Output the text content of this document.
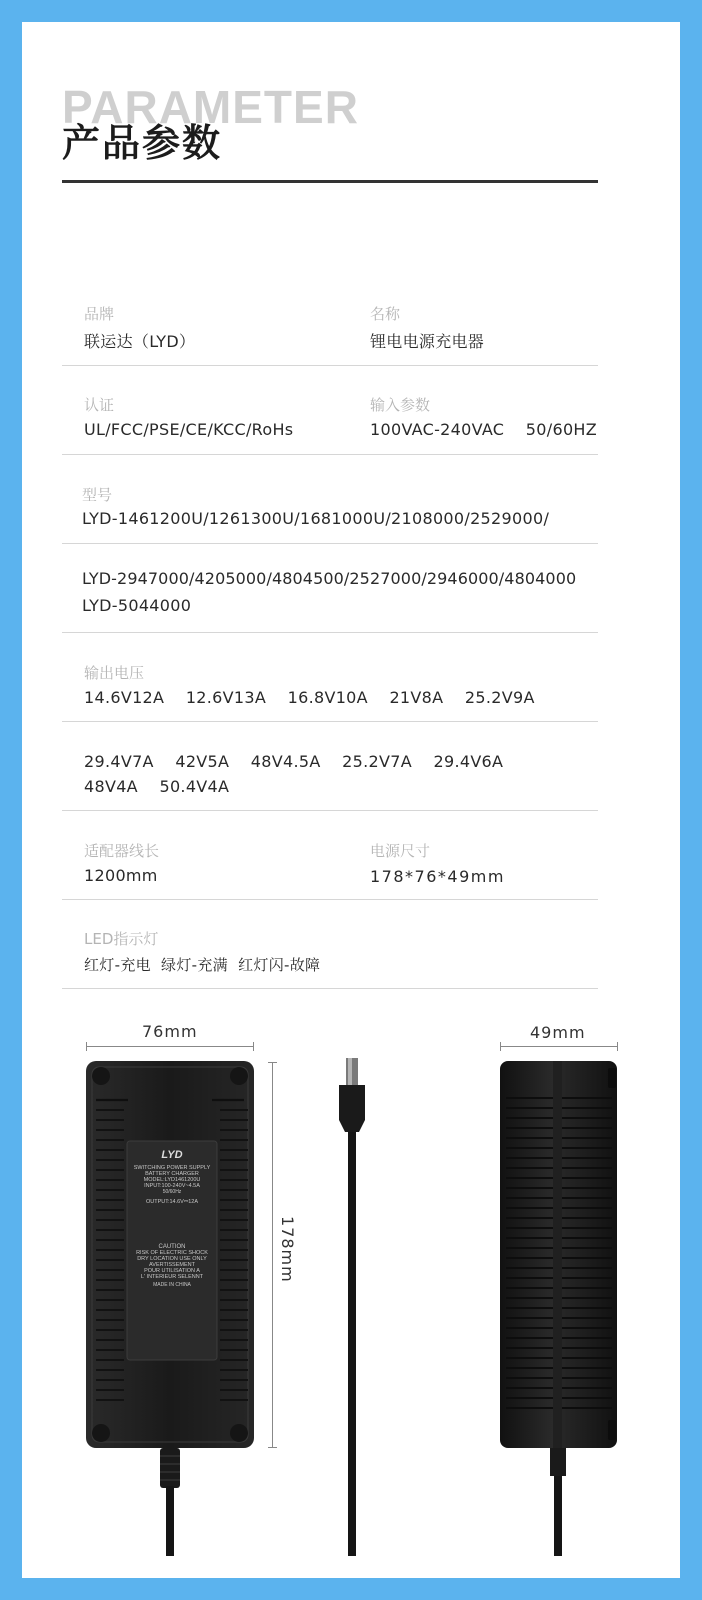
PARAMETER
产品参数
品牌
联运达（LYD）
名称
锂电电源充电器
认证
UL/FCC/PSE/CE/KCC/RoHs
输入参数
100VAC-240VAC    50/60HZ
型号
LYD-1461200U/1261300U/1681000U/2108000/2529000/
LYD-2947000/4205000/4804500/2527000/2946000/4804000
LYD-5044000
输出电压
14.6V12A    12.6V13A    16.8V10A    21V8A    25.2V9A
29.4V7A    42V5A    48V4.5A    25.2V7A    29.4V6A
48V4A    50.4V4A
适配器线长
1200mm
电源尺寸
178*76*49mm
LED指示灯
红灯-充电  绿灯-充满  红灯闪-故障
76mm	49mm
178mm
LYD
SWITCHING POWER SUPPLY
BATTERY CHARGER
MODEL:LYD1461200U
INPUT:100-240V~4.5A
50/60Hz
OUTPUT:14.6V⎓12A
CAUTION
RISK OF ELECTRIC SHOCK
DRY LOCATION USE ONLY
AVERTISSEMENT
POUR UTILISATION A
L' INTERIEUR SELENNT
MADE IN CHINA
